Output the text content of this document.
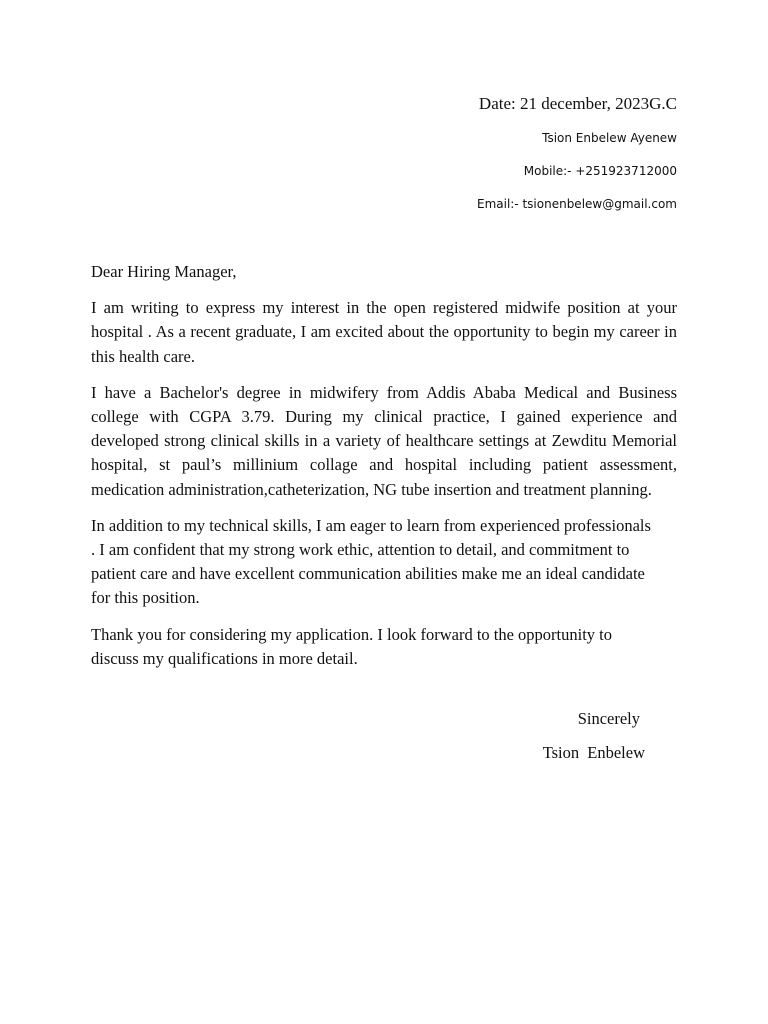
Date: 21 december, 2023G.C

Tsion Enbelew Ayenew

Mobile:- +251923712000

Email:- tsionenbelew@gmail.com

Dear Hiring Manager,

I am writing to express my interest in the open registered midwife position at your hospital . As a recent graduate, I am excited about the opportunity to begin my career in this health care.

I have a Bachelor's degree in midwifery from Addis Ababa Medical and Business college with CGPA 3.79. During my clinical practice, I gained experience and developed strong clinical skills in a variety of healthcare settings at Zewditu Memorial hospital, st paul’s millinium collage and hospital including patient assessment, medication administration,catheterization, NG tube insertion and treatment planning.

In addition to my technical skills, I am eager to learn from experienced professionals . I am confident that my strong work ethic, attention to detail, and commitment to patient care and have excellent communication abilities make me an ideal candidate for this position.

Thank you for considering my application. I look forward to the opportunity to discuss my qualifications in more detail.

Sincerely

Tsion Enbelew
